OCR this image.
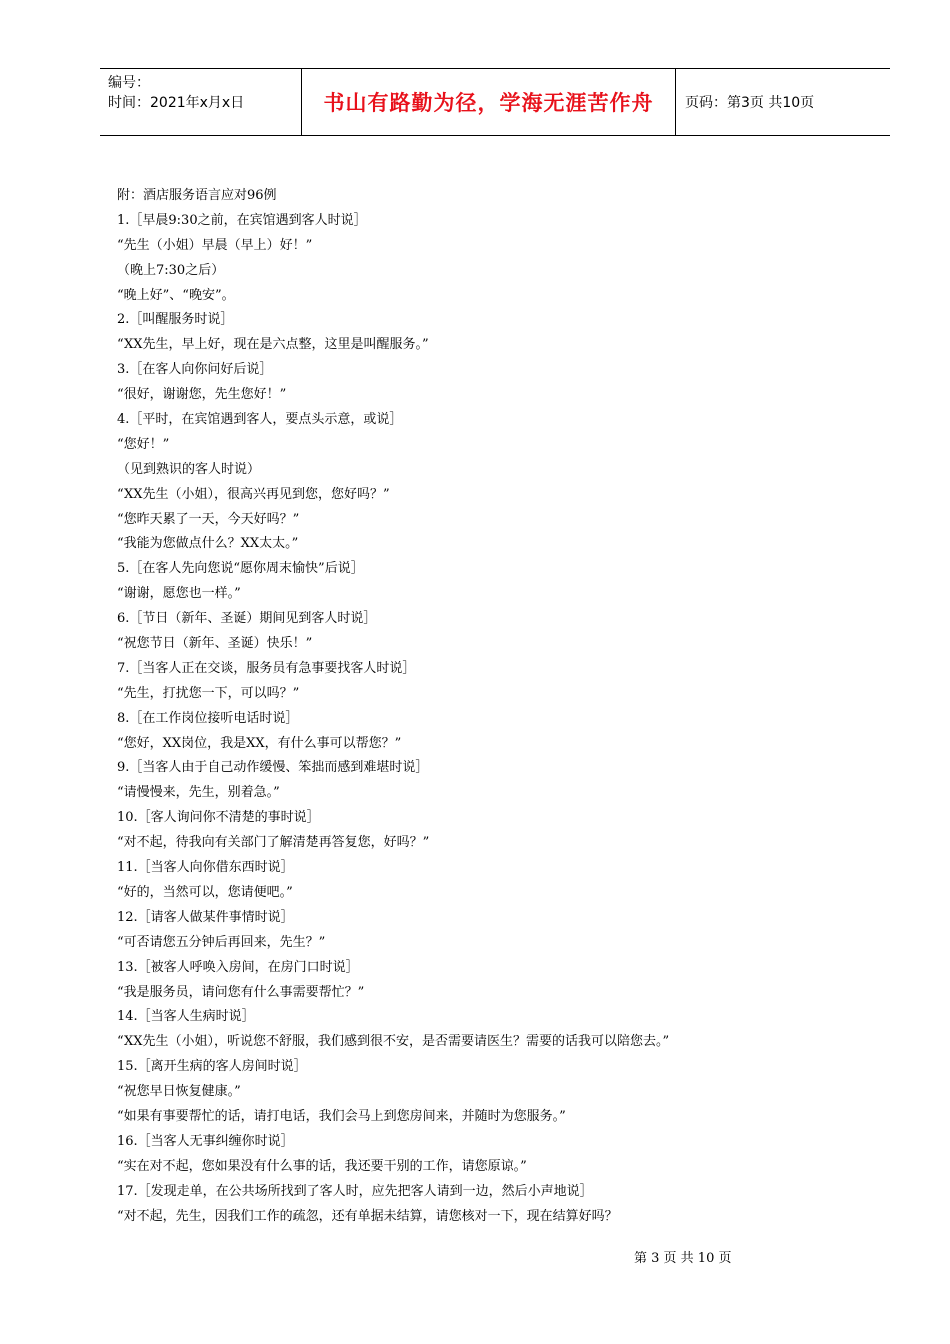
编号：
时间：2021年x月x日	书山有路勤为径，学海无涯苦作舟	页码：第3页 共10页
附：酒店服务语言应对96例
1.［早晨9:30之前，在宾馆遇到客人时说］
“先生（小姐）早晨（早上）好！”
（晚上7:30之后）
“晚上好”、“晚安”。
2.［叫醒服务时说］
“XX先生，早上好，现在是六点整，这里是叫醒服务。”
3.［在客人向你问好后说］
“很好，谢谢您，先生您好！”
4.［平时，在宾馆遇到客人，要点头示意，或说］
“您好！”
（见到熟识的客人时说）
“XX先生（小姐），很高兴再见到您，您好吗？”
“您昨天累了一天，今天好吗？”
“我能为您做点什么？XX太太。”
5.［在客人先向您说“愿你周末愉快”后说］
“谢谢，愿您也一样。”
6.［节日（新年、圣诞）期间见到客人时说］
“祝您节日（新年、圣诞）快乐！”
7.［当客人正在交谈，服务员有急事要找客人时说］
“先生，打扰您一下，可以吗？”
8.［在工作岗位接听电话时说］
“您好，XX岗位，我是XX，有什么事可以帮您？”
9.［当客人由于自己动作缓慢、笨拙而感到难堪时说］
“请慢慢来，先生，别着急。”
10.［客人询问你不清楚的事时说］
“对不起，待我向有关部门了解清楚再答复您，好吗？”
11.［当客人向你借东西时说］
“好的，当然可以，您请便吧。”
12.［请客人做某件事情时说］
“可否请您五分钟后再回来，先生？”
13.［被客人呼唤入房间，在房门口时说］
“我是服务员，请问您有什么事需要帮忙？”
14.［当客人生病时说］
“XX先生（小姐），听说您不舒服，我们感到很不安，是否需要请医生？需要的话我可以陪您去。”
15.［离开生病的客人房间时说］
“祝您早日恢复健康。”
“如果有事要帮忙的话，请打电话，我们会马上到您房间来，并随时为您服务。”
16.［当客人无事纠缠你时说］
“实在对不起，您如果没有什么事的话，我还要干别的工作，请您原谅。”
17.［发现走单，在公共场所找到了客人时，应先把客人请到一边，然后小声地说］
“对不起，先生，因我们工作的疏忽，还有单据未结算，请您核对一下，现在结算好吗？
第 3 页 共 10 页
